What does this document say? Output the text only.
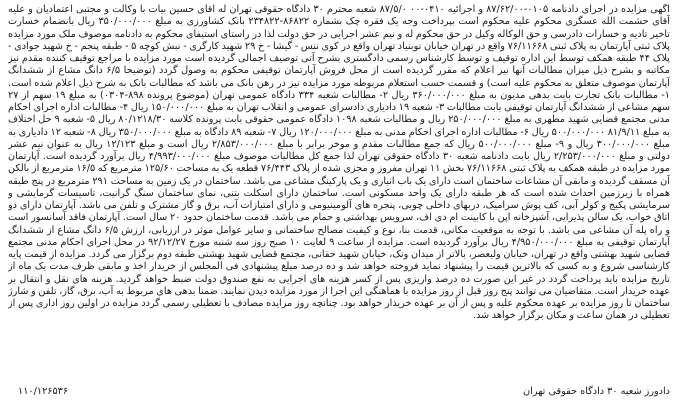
آگهی مزایده در اجرای دادنامه ۰۱۰۵-۸۷/۶۲/۰۰ و اجرائیه ۰۴۱۰-۰۰ ۸۷/۵/۰ شعبه محترم ۳۰ دادگاه حقوقی تهران له آقای حسین بیات با وکالت و مجتبی اعتمادیان و علیه آقای حشمت الله عسگری محکوم علیه محکوم است بپرداخت وجه یک فقره چک بشماره ۸۶۸۲۲-۲۳۴۸۲۲ بانک کشاورزی به مبلغ ۳۵۰/۰۰۰/۰۰۰ ریال بانضمام خسارت تاخیر تادیه و خسارات دادرسی و حق الوکاله وکیل در حق محکوم له و نیم عشر اجرایی در حق دولت لذا در راستای استیفای محکوم به دادنامه موصوف ملک مورد مزایده پلاک ثبتی آپارتمان به پلاک ثبتی ۷۶/۱۱۶۶۸ واقع در تهران خیابان نوبنیاد تهران واقع در کوی ننس - گیشا - خ ۲۹ شهید کارگری - نبش کوچه ۵ - طبقه پنجم - خ شهید جوادی - پلاک ۴۴ طبقه همکف توسط این اداره توقیف و توسط کارشناس رسمی دادگستری بشرح آتی توصیف اجمالی گردیده است مورد مزایده با مراجع توقیف کننده مقدم نیز مکاتبه و بشرح ذیل میزان مطالبات آنها نیز اعلام که مقرر گردیده است از محل فروش آپارتمان توقیفی محکوم به وصول گردد (توضیحا ۶/۵ دانگ مشاع از ششدانگ آپارتمان موصوف متعلق به محکوم علیه است) و قسمت حسب استعلام مربوطه مورد مزایده نیز در رهن بانک می باشد که مطالبات بانک به شرح ذیل اعلام شده است. ۱- مطالبات بانک تجارت بابت بدهی مدیون به مبلغ ۳۶۰/۰۰۰/۰۰۰ ریال ۲- مطالبات شعبه ۳۳۴ دادگاه عمومی تهران (موضوع پرونده ۸۹۸-۰۳۰۴) به مبلغ ۱۹ سهم از ۲۷ سهم مشاعی از ششدانگ آپارتمان توقیفی بابت مطالبات ۳- شعبه ۱۹ دادیاری دادسرای عمومی و انقلاب تهران به مبلغ ۱۵۰/۰۰۰/۰۰۰ ریال ۴- مطالبات اداره اجرای احکام مدنی مجتمع قضایی شهید مطهری به مبلغ ۲۵۰/۰۰۰/۰۰۰ ریال و مطالبات شعبه ۱۰۹۸ دادگاه عمومی حقوقی بابت پرونده کلاسه ۸۰/۱۲۱۸/۳۰ ریال ۵- شعبه ۹ حل اختلاف به مبلغ ۸۱/۹/۱۱ ۵۰۰/۰۰۰/۰۰۰ ریال ۶- مطالبات اداره اجرای احکام مدنی به مبلغ ۱۲۰/۰۰۰/۰۰۰ ریال ۷- شعبه ۸۹ دادگاه به مبلغ ۳۵۰/۰۰۰/۰۰۰ ریال ۸- شعبه ۱۲ دادیاری به مبلغ ۳۰۰/۰۰۰/۰۰۰ ریال و ۹- مبلغ ۵۰۰/۰۰۰/۰۰۰ ریال که جمع مطالبات مقدم و موخر برابر با مبلغ ۲/۸۵۳/۰۰۰/۰۰۰ ریال است و مبلغ ۱۲/۱۲۳ ریال به عنوان نیم عشر دولتی و مبلغ ۲/۲۵۳/۰۰۰/۰۰۰ ریال بابت دادنامه شعبه ۳۰ دادگاه حقوقی تهران لذا جمع کل مطالبات موصوف مبلغ ۴/۹۹۳/۰۰۰/۰۰۰ ریال برآورد گردیده است. آپارتمان مورد مزایده در طبقه همکف به پلاک ثبتی ۷۶/۱۱۶۶۸ بخش ۱۱ تهران مفروز و مجزی شده از پلاک ۷۶/۴۴۳ قطعه یک به مساحت ۱۲۵/۶۰ مترمربع که ۱۶/۵ مترمربع از بالکن آن مسقف گردیده و مابقی آن مشاعات ساختمان است دارای یک باب انباری و یک پارکینگ مشاعی می باشد. ساختمان در یک زمین به مساحت ۲۹۱ مترمربع در پنج طبقه همراه با زیرزمین احداث شده است که هر طبقه دارای یک واحد مسکونی است. ساختمان دارای اسکلت بتنی، نمای ساختمان سنگ گرانیت، تاسیسات گرمایشی و سرمایشی پکیج و کولر آبی، کف پوش سرامیک، دربهای داخلی چوبی، پنجره های آلومینیومی و دارای امتیازات آب، برق و گاز مشترک و تلفن می باشد. آپارتمان دارای دو اتاق خواب، یک سالن پذیرایی، آشپزخانه اپن با کابینت ام دی اف، سرویس بهداشتی و حمام می باشد. قدمت ساختمان حدود ۲۰ سال است. آپارتمان فاقد آسانسور است و راه پله آن مشاعی می باشد. با توجه به موقعیت مکانی، قدمت بنا، نوع و کیفیت مصالح ساختمانی و سایر عوامل موثر در ارزیابی، ارزش ۶/۵ دانگ مشاع از ششدانگ آپارتمان توقیفی به مبلغ ۴/۹۵۰/۰۰۰/۰۰۰ ریال برآورد گردیده است. مزایده از ساعت ۹ لغایت ۱۰ صبح روز سه شنبه مورخ ۹۲/۱۲/۲۷ در محل اجرای احکام مدنی مجتمع قضایی شهید بهشتی واقع در تهران، خیابان ولیعصر، بالاتر از میدان ونک، خیابان شهید حقانی، مجتمع قضایی شهید بهشتی طبقه دوم برگزار می گردد. مزایده از قیمت پایه کارشناسی شروع و به کسی که بالاترین قیمت را پیشنهاد نماید فروخته خواهد شد و ده درصد مبلغ پیشنهادی فی المجلس از خریدار اخذ و مابقی ظرف مدت یک ماه از تاریخ مزایده باید پرداخت گردد در غیر این صورت ده درصد واریزی پس از کسر هزینه های اجرایی به نفع صندوق دولت ضبط خواهد گردید. هزینه های نقل و انتقال بر عهده خریدار است. متقاضیان می توانند پنج روز قبل از روز مزایده با هماهنگی این اجرا از مورد مزایده دیدن نمایند. ضمنا بدهی های مربوط به آب، برق، گاز، تلفن و شارژ ساختمان تا روز مزایده بر عهده محکوم علیه و پس از آن بر عهده خریدار خواهد بود. چنانچه روز مزایده مصادف با تعطیلی رسمی گردد مزایده در اولین روز اداری پس از تعطیلی در همان ساعت و مکان برگزار خواهد شد.

دادورز شعبه ۳۰ دادگاه حقوقی تهران
۱۱۰/۱۲۶۵۳۶
